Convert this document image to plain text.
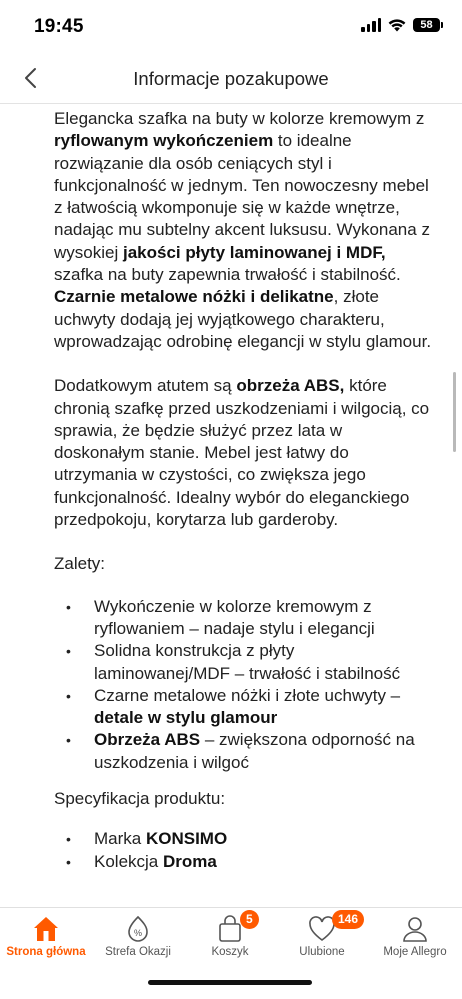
19:45	58
Informacje pozakupowe

Elegancka szafka na buty w kolorze kremowym z ryflowanym wykończeniem to idealne rozwiązanie dla osób ceniących styl i funkcjonalność w jednym. Ten nowoczesny mebel z łatwością wkomponuje się w każde wnętrze, nadając mu subtelny akcent luksusu. Wykonana z wysokiej jakości płyty laminowanej i MDF, szafka na buty zapewnia trwałość i stabilność. Czarnie metalowe nóżki i delikatne, złote uchwyty dodają jej wyjątkowego charakteru, wprowadzając odrobinę elegancji w stylu glamour.

Dodatkowym atutem są obrzeża ABS, które chronią szafkę przed uszkodzeniami i wilgocią, co sprawia, że będzie służyć przez lata w doskonałym stanie. Mebel jest łatwy do utrzymania w czystości, co zwiększa jego funkcjonalność. Idealny wybór do eleganckiego przedpokoju, korytarza lub garderoby.

Zalety:

• Wykończenie w kolorze kremowym z ryflowaniem – nadaje stylu i elegancji
• Solidna konstrukcja z płyty laminowanej/MDF – trwałość i stabilność
• Czarne metalowe nóżki i złote uchwyty – detale w stylu glamour
• Obrzeża ABS – zwiększona odporność na uszkodzenia i wilgoć

Specyfikacja produktu:

• Marka KONSIMO
• Kolekcja Droma
Strona główna
%
Strefa Okazji
5
Koszyk
146
Ulubione	Moje Allegro
